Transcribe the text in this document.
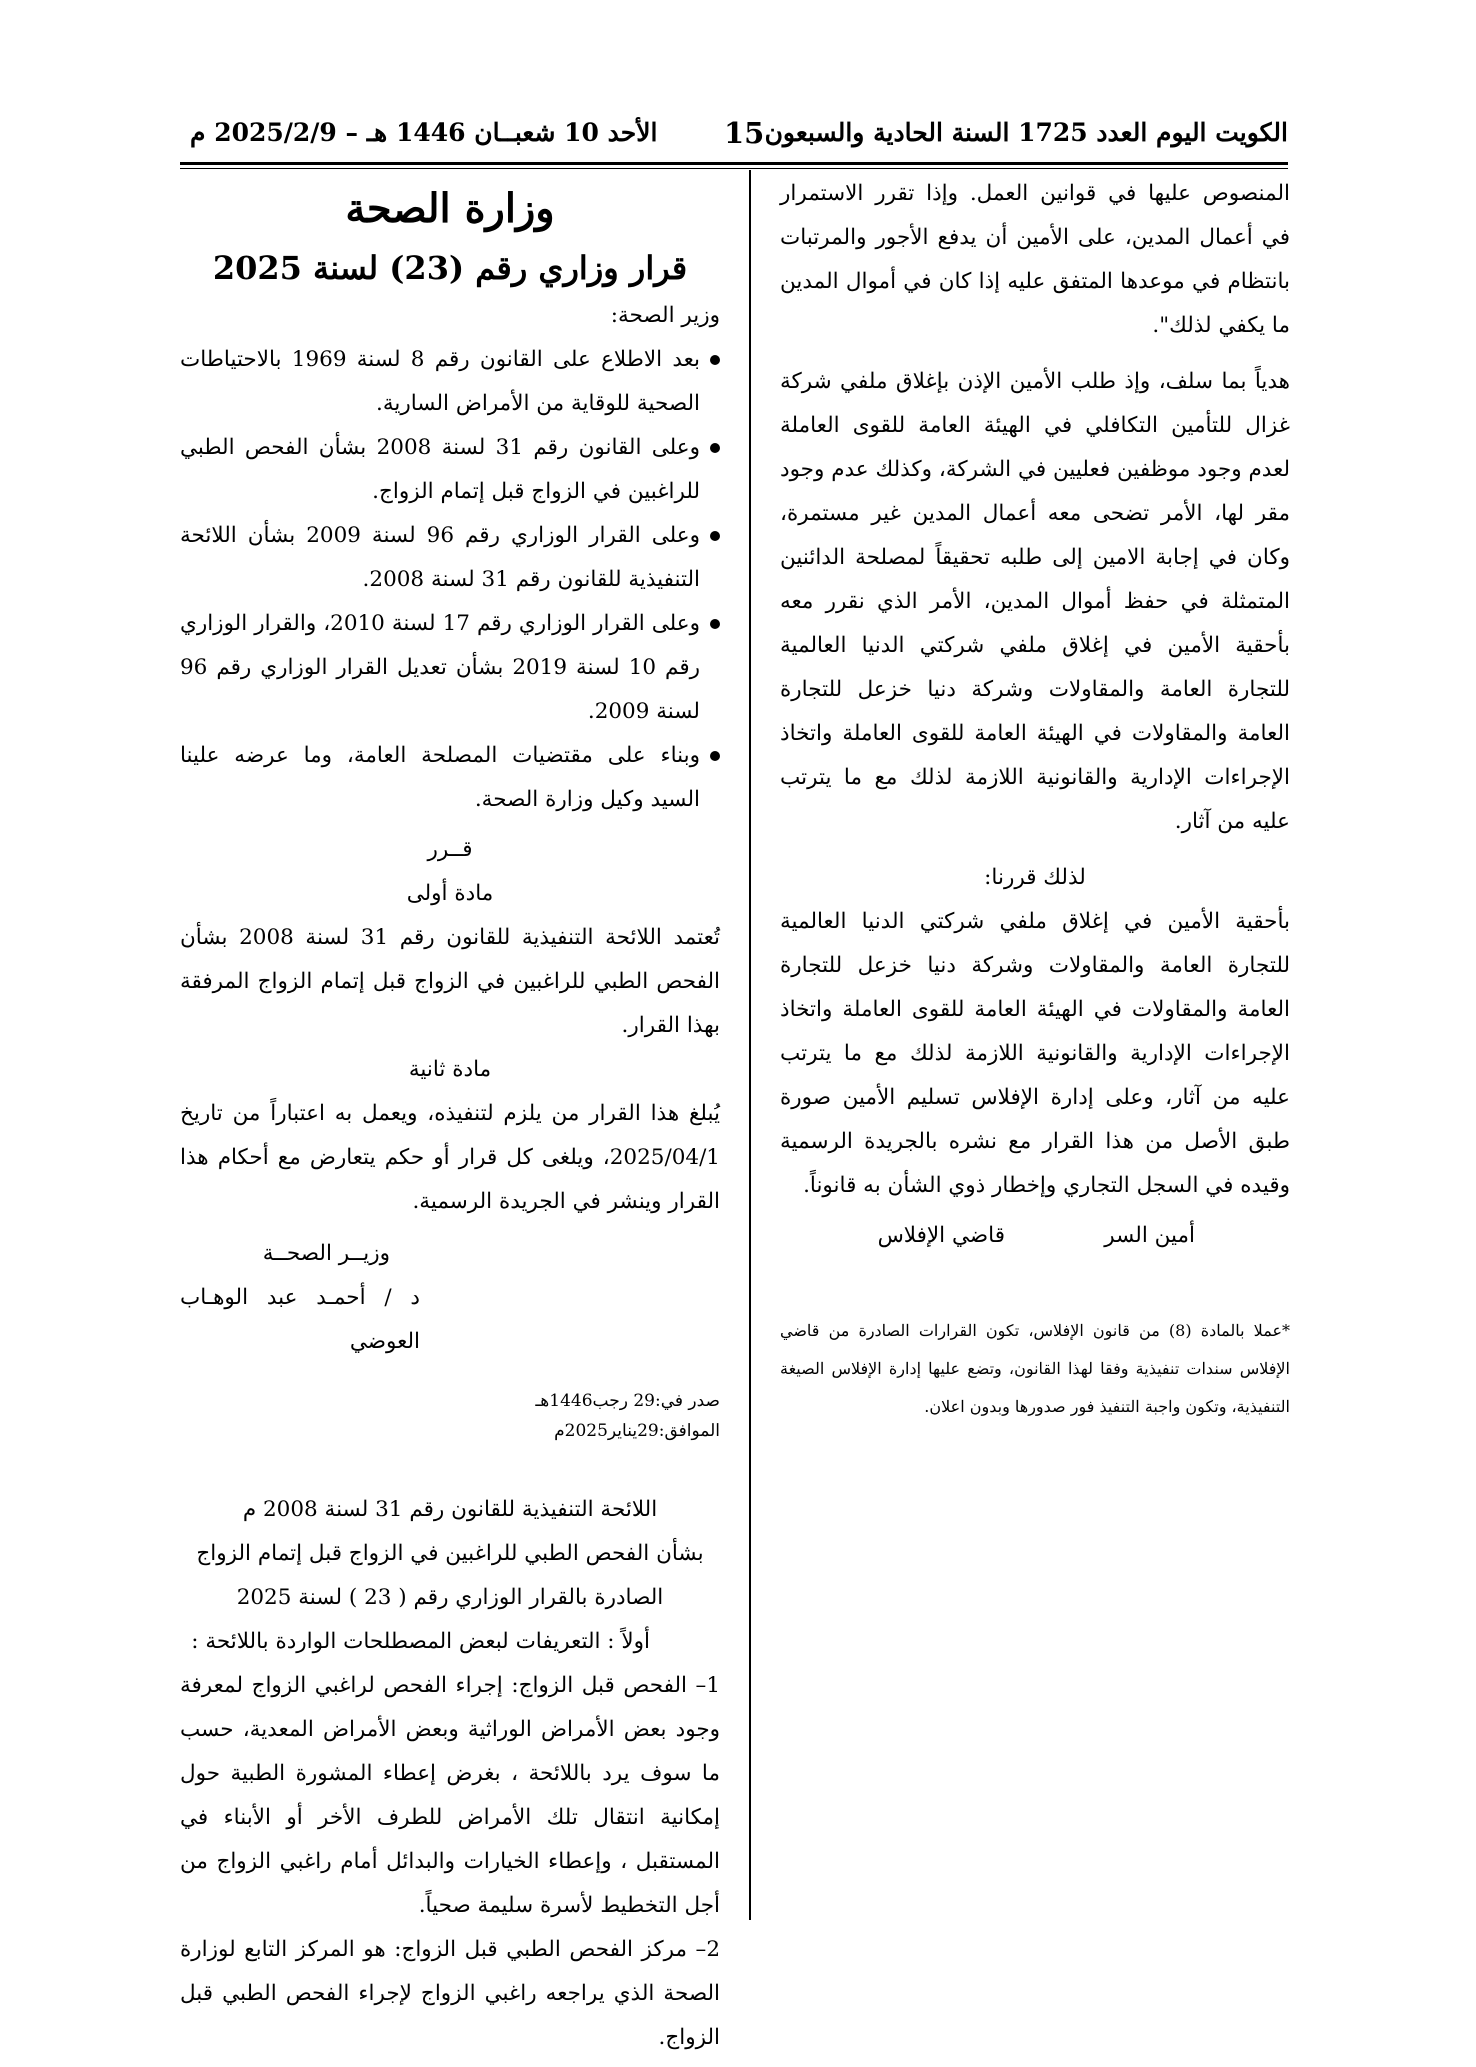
الكويت اليوم العدد 1725 السنة الحادية والسبعون
15
الأحد 10 شعبــان 1446 هـ – 2025/2/9 م

المنصوص عليها في قوانين العمل. وإذا تقرر الاستمرار في أعمال المدين، على الأمين أن يدفع الأجور والمرتبات بانتظام في موعدها المتفق عليه إذا كان في أموال المدين ما يكفي لذلك".

هدياً بما سلف، وإذ طلب الأمين الإذن بإغلاق ملفي شركة غزال للتأمين التكافلي في الهيئة العامة للقوى العاملة لعدم وجود موظفين فعليين في الشركة، وكذلك عدم وجود مقر لها، الأمر تضحى معه أعمال المدين غير مستمرة، وكان في إجابة الامين إلى طلبه تحقيقاً لمصلحة الدائنين المتمثلة في حفظ أموال المدين، الأمر الذي نقرر معه بأحقية الأمين في إغلاق ملفي شركتي الدنيا العالمية للتجارة العامة والمقاولات وشركة دنيا خزعل للتجارة العامة والمقاولات في الهيئة العامة للقوى العاملة واتخاذ الإجراءات الإدارية والقانونية اللازمة لذلك مع ما يترتب عليه من آثار.

لذلك قررنا:

بأحقية الأمين في إغلاق ملفي شركتي الدنيا العالمية للتجارة العامة والمقاولات وشركة دنيا خزعل للتجارة العامة والمقاولات في الهيئة العامة للقوى العاملة واتخاذ الإجراءات الإدارية والقانونية اللازمة لذلك مع ما يترتب عليه من آثار، وعلى إدارة الإفلاس تسليم الأمين صورة طبق الأصل من هذا القرار مع نشره بالجريدة الرسمية وقيده في السجل التجاري وإخطار ذوي الشأن به قانوناً.

أمين السر
قاضي الإفلاس

*عملا بالمادة (8) من قانون الإفلاس، تكون القرارات الصادرة من قاضي الإفلاس سندات تنفيذية وفقا لهذا القانون، وتضع عليها إدارة الإفلاس الصيغة التنفيذية، وتكون واجبة التنفيذ فور صدورها وبدون اعلان.

وزارة الصحة

قرار وزاري رقم (23) لسنة 2025

وزير الصحة:

بعد الاطلاع على القانون رقم 8 لسنة 1969 بالاحتياطات الصحية للوقاية من الأمراض السارية.

وعلى القانون رقم 31 لسنة 2008 بشأن الفحص الطبي للراغبين في الزواج قبل إتمام الزواج.

وعلى القرار الوزاري رقم 96 لسنة 2009 بشأن اللائحة التنفيذية للقانون رقم 31 لسنة 2008.

وعلى القرار الوزاري رقم 17 لسنة 2010، والقرار الوزاري رقم 10 لسنة 2019 بشأن تعديل القرار الوزاري رقم 96 لسنة 2009.

وبناء على مقتضيات المصلحة العامة، وما عرضه علينا السيد وكيل وزارة الصحة.

قــرر

مادة أولى

تُعتمد اللائحة التنفيذية للقانون رقم 31 لسنة 2008 بشأن الفحص الطبي للراغبين في الزواج قبل إتمام الزواج المرفقة بهذا القرار.

مادة ثانية

يُبلغ هذا القرار من يلزم لتنفيذه، ويعمل به اعتباراً من تاريخ 2025/04/1، ويلغى كل قرار أو حكم يتعارض مع أحكام هذا القرار وينشر في الجريدة الرسمية.

وزيــر الصحــة

د / أحمـد عبد الوهـاب العوضي

صدر في:29 رجب1446هـ

الموافق:29يناير2025م

اللائحة التنفيذية للقانون رقم 31 لسنة 2008 م

بشأن الفحص الطبي للراغبين في الزواج قبل إتمام الزواج الصادرة بالقرار الوزاري رقم ( 23 ) لسنة 2025

أولاً : التعريفات لبعض المصطلحات الواردة باللائحة :

1– الفحص قبل الزواج: إجراء الفحص لراغبي الزواج لمعرفة وجود بعض الأمراض الوراثية وبعض الأمراض المعدية، حسب ما سوف يرد باللائحة ، بغرض إعطاء المشورة الطبية حول إمكانية انتقال تلك الأمراض للطرف الأخر أو الأبناء في المستقبل ، وإعطاء الخيارات والبدائل أمام راغبي الزواج من أجل التخطيط لأسرة سليمة صحياً.

2– مركز الفحص الطبي قبل الزواج: هو المركز التابع لوزارة الصحة الذي يراجعه راغبي الزواج لإجراء الفحص الطبي قبل الزواج.
